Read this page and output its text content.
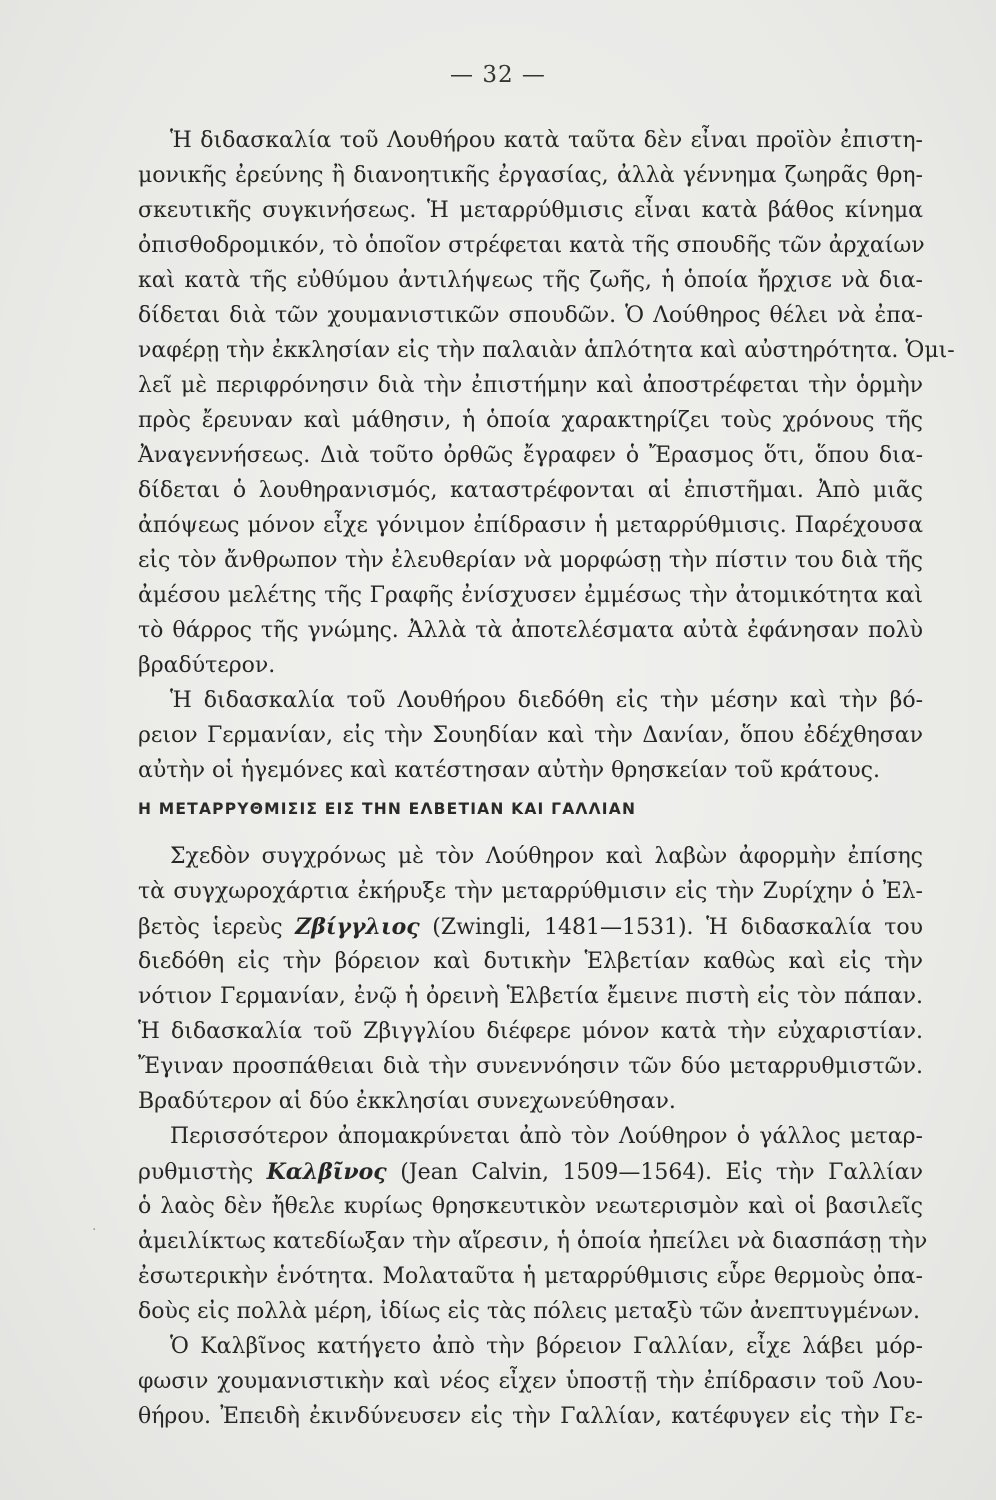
— 32 —
Ἡ διδασκαλία τοῦ Λουθήρου κατὰ ταῦτα δὲν εἶναι προϊὸν ἐπιστη-
μονικῆς ἐρεύνης ἢ διανοητικῆς ἐργασίας, ἀλλὰ γέννημα ζωηρᾶς θρη-
σκευτικῆς συγκινήσεως. Ἡ μεταρρύθμισις εἶναι κατὰ βάθος κίνημα
ὀπισθοδρομικόν, τὸ ὁποῖον στρέφεται κατὰ τῆς σπουδῆς τῶν ἀρχαίων
καὶ κατὰ τῆς εὐθύμου ἀντιλήψεως τῆς ζωῆς, ἡ ὁποία ἤρχισε νὰ δια-
δίδεται διὰ τῶν χουμανιστικῶν σπουδῶν. Ὁ Λούθηρος θέλει νὰ ἐπα-
ναφέρῃ τὴν ἐκκλησίαν εἰς τὴν παλαιὰν ἁπλότητα καὶ αὐστηρότητα. Ὁμι-
λεῖ μὲ περιφρόνησιν διὰ τὴν ἐπιστήμην καὶ ἀποστρέφεται τὴν ὁρμὴν
πρὸς ἔρευναν καὶ μάθησιν, ἡ ὁποία χαρακτηρίζει τοὺς χρόνους τῆς
Ἀναγεννήσεως. Διὰ τοῦτο ὀρθῶς ἔγραφεν ὁ Ἔρασμος ὅτι, ὅπου δια-
δίδεται ὁ λουθηρανισμός, καταστρέφονται αἱ ἐπιστῆμαι. Ἀπὸ μιᾶς
ἀπόψεως μόνον εἶχε γόνιμον ἐπίδρασιν ἡ μεταρρύθμισις. Παρέχουσα
εἰς τὸν ἄνθρωπον τὴν ἐλευθερίαν νὰ μορφώσῃ τὴν πίστιν του διὰ τῆς
ἀμέσου μελέτης τῆς Γραφῆς ἐνίσχυσεν ἐμμέσως τὴν ἀτομικότητα καὶ
τὸ θάρρος τῆς γνώμης. Ἀλλὰ τὰ ἀποτελέσματα αὐτὰ ἐφάνησαν πολὺ
βραδύτερον.
Ἡ διδασκαλία τοῦ Λουθήρου διεδόθη εἰς τὴν μέσην καὶ τὴν βό-
ρειον Γερμανίαν, εἰς τὴν Σουηδίαν καὶ τὴν Δανίαν, ὅπου ἐδέχθησαν
αὐτὴν οἱ ἡγεμόνες καὶ κατέστησαν αὐτὴν θρησκείαν τοῦ κράτους.
Η ΜΕΤΑΡΡΥΘΜΙΣΙΣ ΕΙΣ ΤΗΝ ΕΛΒΕΤΙΑΝ ΚΑΙ ΓΑΛΛΙΑΝ
Σχεδὸν συγχρόνως μὲ τὸν Λούθηρον καὶ λαβὼν ἀφορμὴν ἐπίσης
τὰ συγχωροχάρτια ἐκήρυξε τὴν μεταρρύθμισιν εἰς τὴν Ζυρίχην ὁ Ἐλ-
βετὸς ἱερεὺς Ζβίγγλιος (Zwingli, 1481—1531). Ἡ διδασκαλία του
διεδόθη εἰς τὴν βόρειον καὶ δυτικὴν Ἑλβετίαν καθὼς καὶ εἰς τὴν
νότιον Γερμανίαν, ἐνῷ ἡ ὀρεινὴ Ἑλβετία ἔμεινε πιστὴ εἰς τὸν πάπαν.
Ἡ διδασκαλία τοῦ Ζβιγγλίου διέφερε μόνον κατὰ τὴν εὐχαριστίαν.
Ἔγιναν προσπάθειαι διὰ τὴν συνεννόησιν τῶν δύο μεταρρυθμιστῶν.
Βραδύτερον αἱ δύο ἐκκλησίαι συνεχωνεύθησαν.
Περισσότερον ἀπομακρύνεται ἀπὸ τὸν Λούθηρον ὁ γάλλος μεταρ-
ρυθμιστὴς Καλβῖνος (Jean Calvin, 1509—1564). Εἰς τὴν Γαλλίαν
ὁ λαὸς δὲν ἤθελε κυρίως θρησκευτικὸν νεωτερισμὸν καὶ οἱ βασιλεῖς
ἀμειλίκτως κατεδίωξαν τὴν αἵρεσιν, ἡ ὁποία ἠπείλει νὰ διασπάσῃ τὴν
ἐσωτερικὴν ἑνότητα. Μολαταῦτα ἡ μεταρρύθμισις εὗρε θερμοὺς ὀπα-
δοὺς εἰς πολλὰ μέρη, ἰδίως εἰς τὰς πόλεις μεταξὺ τῶν ἀνεπτυγμένων.
Ὁ Καλβῖνος κατήγετο ἀπὸ τὴν βόρειον Γαλλίαν, εἶχε λάβει μόρ-
φωσιν χουμανιστικὴν καὶ νέος εἶχεν ὑποστῇ τὴν ἐπίδρασιν τοῦ Λου-
θήρου. Ἐπειδὴ ἐκινδύνευσεν εἰς τὴν Γαλλίαν, κατέφυγεν εἰς τὴν Γε-
·
